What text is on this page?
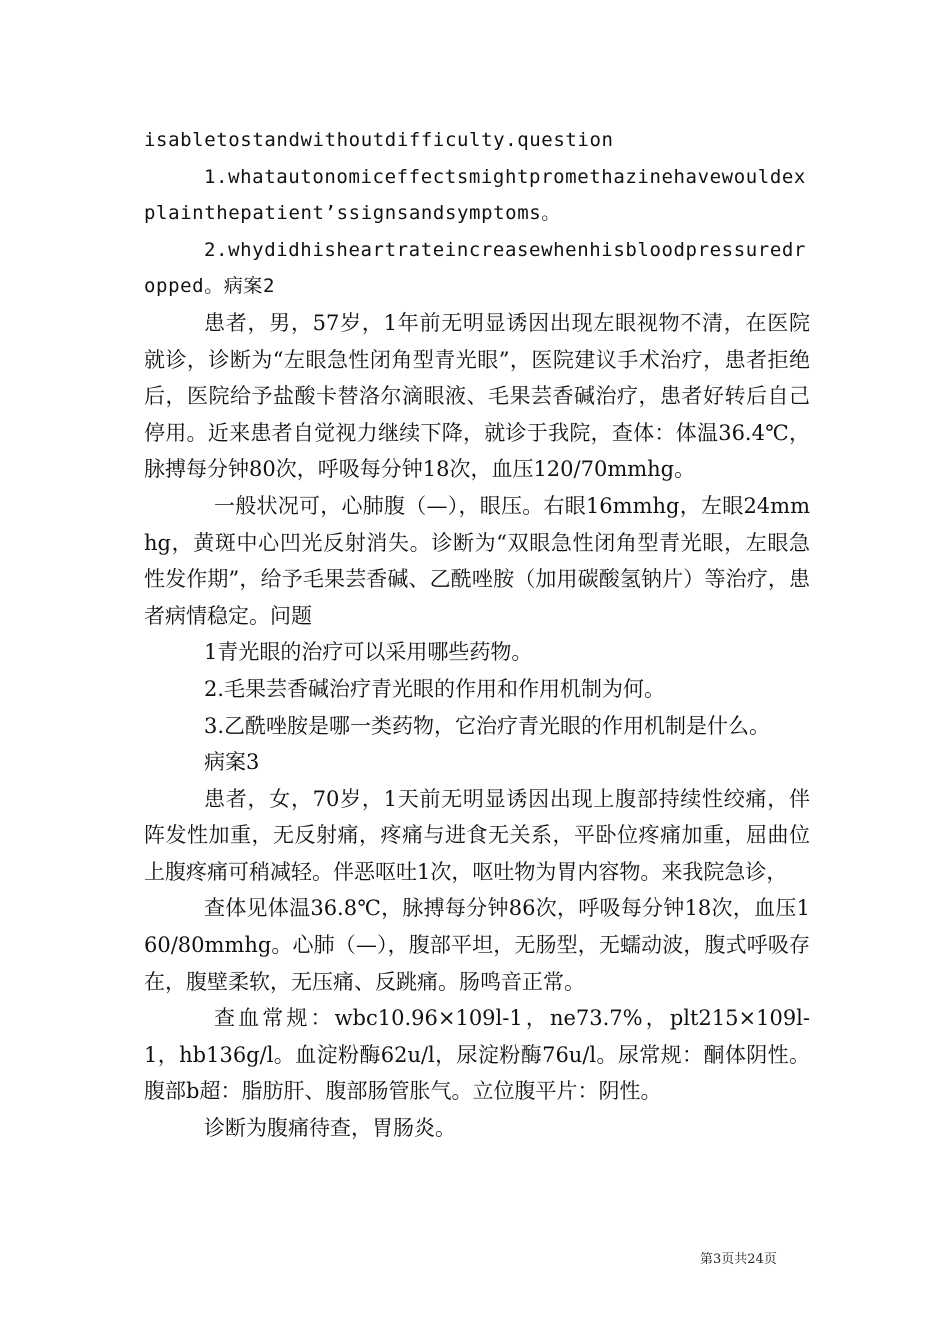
isabletostandwithoutdifficulty.question

1.whatautonomiceffectsmightpromethazinehavewouldexplainthepatient’ssignsandsymptoms。

2.whydidhisheartrateincreasewhenhisbloodpressuredropped。病案2

患者，男，57岁，1年前无明显诱因出现左眼视物不清，在医院就诊，诊断为“左眼急性闭角型青光眼”，医院建议手术治疗，患者拒绝后，医院给予盐酸卡替洛尔滴眼液、毛果芸香碱治疗，患者好转后自己停用。近来患者自觉视力继续下降，就诊于我院，查体：体温36.4℃，脉搏每分钟80次，呼吸每分钟18次，血压120/70mmhg。

一般状况可，心肺腹（—），眼压。右眼16mmhg，左眼24mmhg，黄斑中心凹光反射消失。诊断为“双眼急性闭角型青光眼，左眼急性发作期”，给予毛果芸香碱、乙酰唑胺（加用碳酸氢钠片）等治疗，患者病情稳定。问题

1青光眼的治疗可以采用哪些药物。

2.毛果芸香碱治疗青光眼的作用和作用机制为何。

3.乙酰唑胺是哪一类药物，它治疗青光眼的作用机制是什么。

病案3

患者，女，70岁，1天前无明显诱因出现上腹部持续性绞痛，伴阵发性加重，无反射痛，疼痛与进食无关系，平卧位疼痛加重，屈曲位上腹疼痛可稍减轻。伴恶呕吐1次，呕吐物为胃内容物。来我院急诊，

查体见体温36.8℃，脉搏每分钟86次，呼吸每分钟18次，血压160/80mmhg。心肺（—），腹部平坦，无肠型，无蠕动波，腹式呼吸存在，腹壁柔软，无压痛、反跳痛。肠鸣音正常。

查血常规：wbc10.96×109l-1，ne73.7%，plt215×109l-1，hb136g/l。血淀粉酶62u/l，尿淀粉酶76u/l。尿常规：酮体阴性。腹部b超：脂肪肝、腹部肠管胀气。立位腹平片：阴性。

诊断为腹痛待查，胃肠炎。

第3页共24页
